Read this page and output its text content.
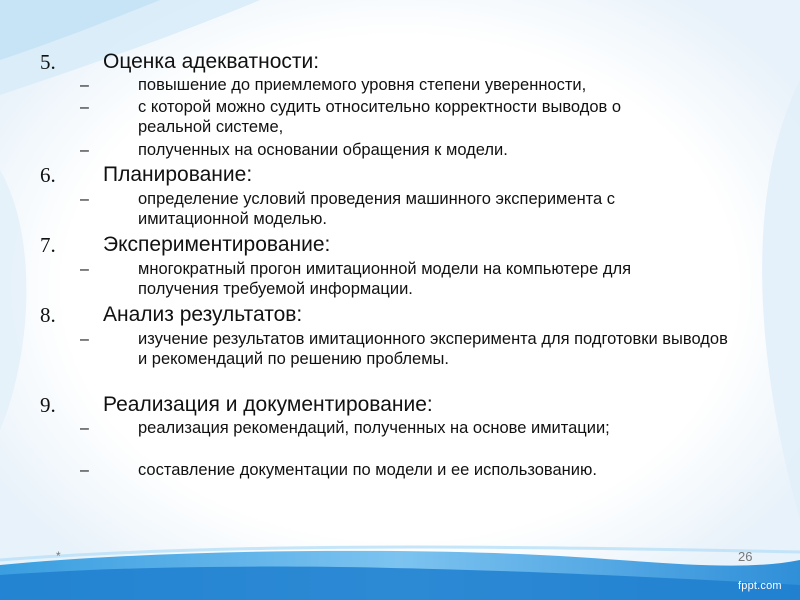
5. Оценка адекватности:
–	повышение до приемлемого уровня степени уверенности,
–	с которой можно судить относительно корректности выводов о реальной системе,
–	полученных на основании обращения к модели.
6. Планирование:
–	определение условий проведения машинного эксперимента с имитационной моделью.
7. Экспериментирование:
–	многократный прогон имитационной модели на компьютере для получения требуемой информации.
8. Анализ результатов:
–	изучение результатов имитационного эксперимента для подготовки выводов и рекомендаций по решению проблемы.
9. Реализация и документирование:
–	реализация рекомендаций, полученных на основе имитации;
–	составление документации по модели и ее использованию.
*	26
fppt.com
